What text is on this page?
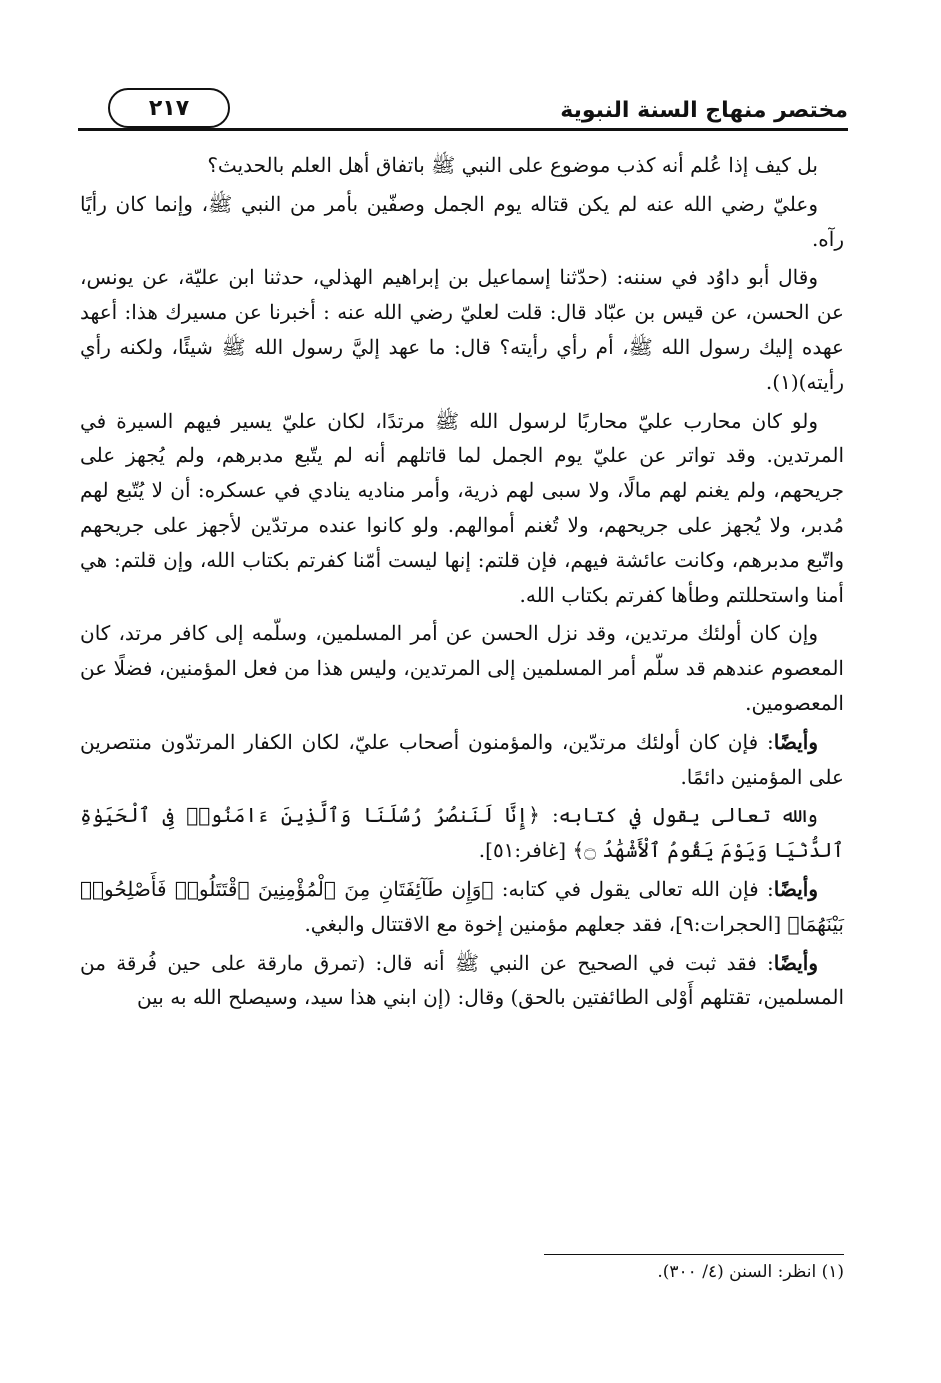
مختصر منهاج السنة النبوية
٢١٧

بل كيف إذا عُلم أنه كذب موضوع على النبي ﷺ باتفاق أهل العلم بالحديث؟

وعليّ رضي الله عنه لم يكن قتاله يوم الجمل وصفّين بأمر من النبي ﷺ، وإنما كان رأيًا رآه.

وقال أبو داوُد في سننه: (حدّثنا إسماعيل بن إبراهيم الهذلي، حدثنا ابن عليّة، عن يونس، عن الحسن، عن قيس بن عبّاد قال: قلت لعليّ رضي الله عنه : أخبرنا عن مسيرك هذا: أعهد عهده إليك رسول الله ﷺ، أم رأي رأيته؟ قال: ما عهد إليَّ رسول الله ﷺ شيئًا، ولكنه رأي رأيته)(١).

ولو كان محارب عليّ محاربًا لرسول الله ﷺ مرتدًا، لكان عليّ يسير فيهم السيرة في المرتدين. وقد تواتر عن عليّ يوم الجمل لما قاتلهم أنه لم يتّبع مدبرهم، ولم يُجهز على جريحهم، ولم يغنم لهم مالًا، ولا سبى لهم ذرية، وأمر مناديه ينادي في عسكره: أن لا يُتّبع لهم مُدبر، ولا يُجهز على جريحهم، ولا تُغنم أموالهم. ولو كانوا عنده مرتدّين لأجهز على جريحهم واتّبع مدبرهم، وكانت عائشة فيهم، فإن قلتم: إنها ليست أمّنا كفرتم بكتاب الله، وإن قلتم: هي أمنا واستحللتم وطأها كفرتم بكتاب الله.

وإن كان أولئك مرتدين، وقد نزل الحسن عن أمر المسلمين، وسلّمه إلى كافر مرتد، كان المعصوم عندهم قد سلّم أمر المسلمين إلى المرتدين، وليس هذا من فعل المؤمنين، فضلًا عن المعصومين.

وأيضًا: فإن كان أولئك مرتدّين، والمؤمنون أصحاب عليّ، لكان الكفار المرتدّون منتصرين على المؤمنين دائمًا.

والله تعالى يقول في كتابه: ﴿إِنَّا لَنَنصُرُ رُسُلَنَا وَٱلَّذِينَ ءَامَنُوا۟ فِى ٱلْحَيَوٰةِ ٱلدُّنْيَا وَيَوْمَ يَقُومُ ٱلْأَشْهَٰدُ ۝﴾ [غافر:٥١].

وأيضًا: فإن الله تعالى يقول في كتابه: ﴿وَإِن طَآئِفَتَانِ مِنَ ٱلْمُؤْمِنِينَ ٱقْتَتَلُوا۟ فَأَصْلِحُوا۟ بَيْنَهُمَا﴾ [الحجرات:٩]، فقد جعلهم مؤمنين إخوة مع الاقتتال والبغي.

وأيضًا: فقد ثبت في الصحيح عن النبي ﷺ أنه قال: (تمرق مارقة على حين فُرقة من المسلمين، تقتلهم أَوْلى الطائفتين بالحق) وقال: (إن ابني هذا سيد، وسيصلح الله به بين

(١) انظر: السنن (٤/ ٣٠٠).
